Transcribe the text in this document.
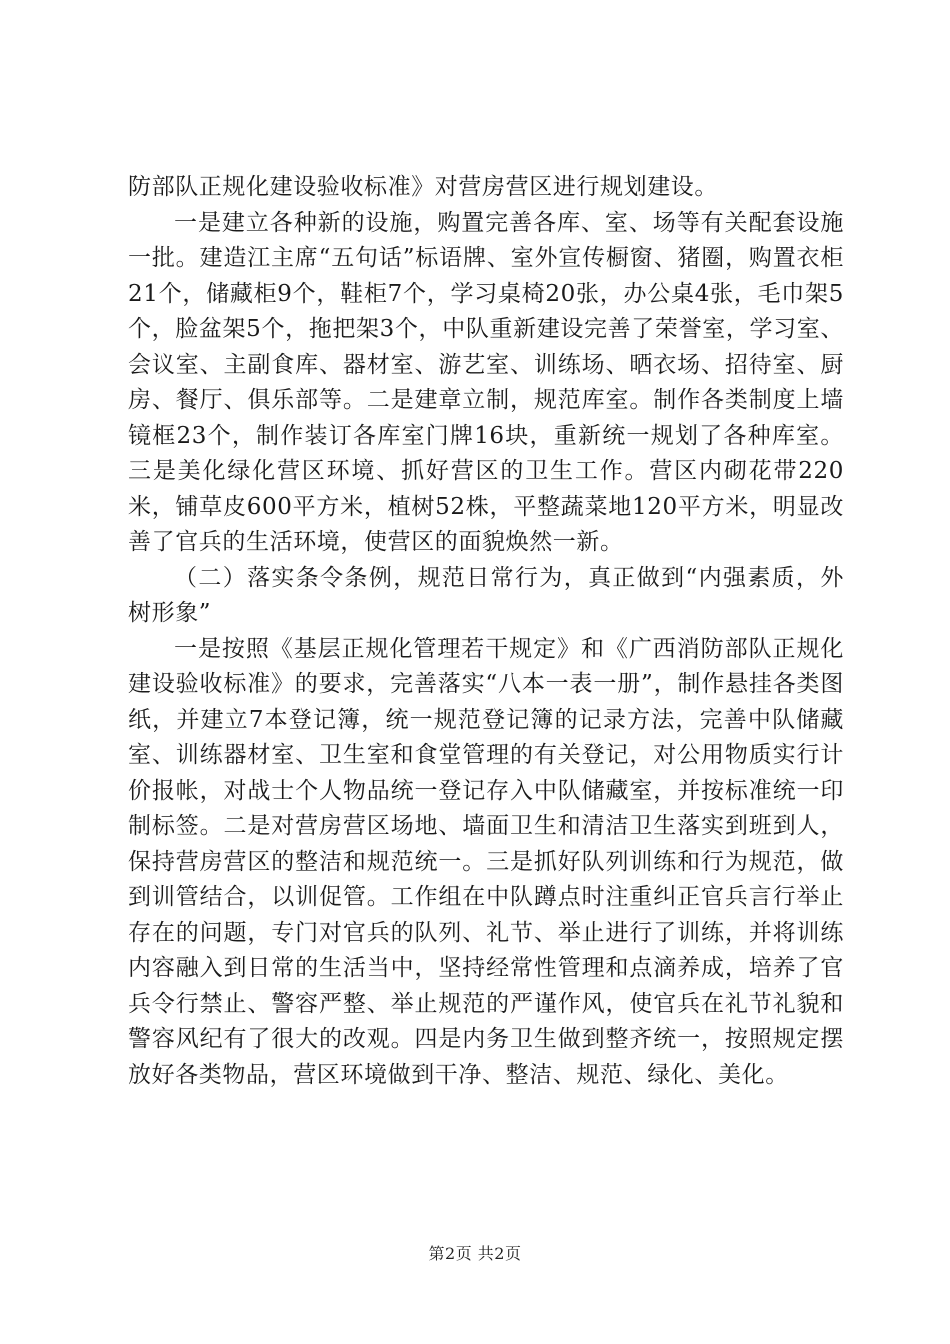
防部队正规化建设验收标准》对营房营区进行规划建设。

一是建立各种新的设施，购置完善各库、室、场等有关配套设施一批。建造江主席“五句话”标语牌、室外宣传橱窗、猪圈，购置衣柜21个，储藏柜9个，鞋柜7个，学习桌椅20张，办公桌4张，毛巾架5个，脸盆架5个，拖把架3个，中队重新建设完善了荣誉室，学习室、会议室、主副食库、器材室、游艺室、训练场、晒衣场、招待室、厨房、餐厅、俱乐部等。二是建章立制，规范库室。制作各类制度上墙镜框23个，制作装订各库室门牌16块，重新统一规划了各种库室。三是美化绿化营区环境、抓好营区的卫生工作。营区内砌花带220米，铺草皮600平方米，植树52株，平整蔬菜地120平方米，明显改善了官兵的生活环境，使营区的面貌焕然一新。

（二）落实条令条例，规范日常行为，真正做到“内强素质，外树形象”

一是按照《基层正规化管理若干规定》和《广西消防部队正规化建设验收标准》的要求，完善落实“八本一表一册”，制作悬挂各类图纸，并建立7本登记簿，统一规范登记簿的记录方法，完善中队储藏室、训练器材室、卫生室和食堂管理的有关登记，对公用物质实行计价报帐，对战士个人物品统一登记存入中队储藏室，并按标准统一印制标签。二是对营房营区场地、墙面卫生和清洁卫生落实到班到人，保持营房营区的整洁和规范统一。三是抓好队列训练和行为规范，做到训管结合，以训促管。工作组在中队蹲点时注重纠正官兵言行举止存在的问题，专门对官兵的队列、礼节、举止进行了训练，并将训练内容融入到日常的生活当中，坚持经常性管理和点滴养成，培养了官兵令行禁止、警容严整、举止规范的严谨作风，使官兵在礼节礼貌和警容风纪有了很大的改观。四是内务卫生做到整齐统一，按照规定摆放好各类物品，营区环境做到干净、整洁、规范、绿化、美化。

第2页 共2页
